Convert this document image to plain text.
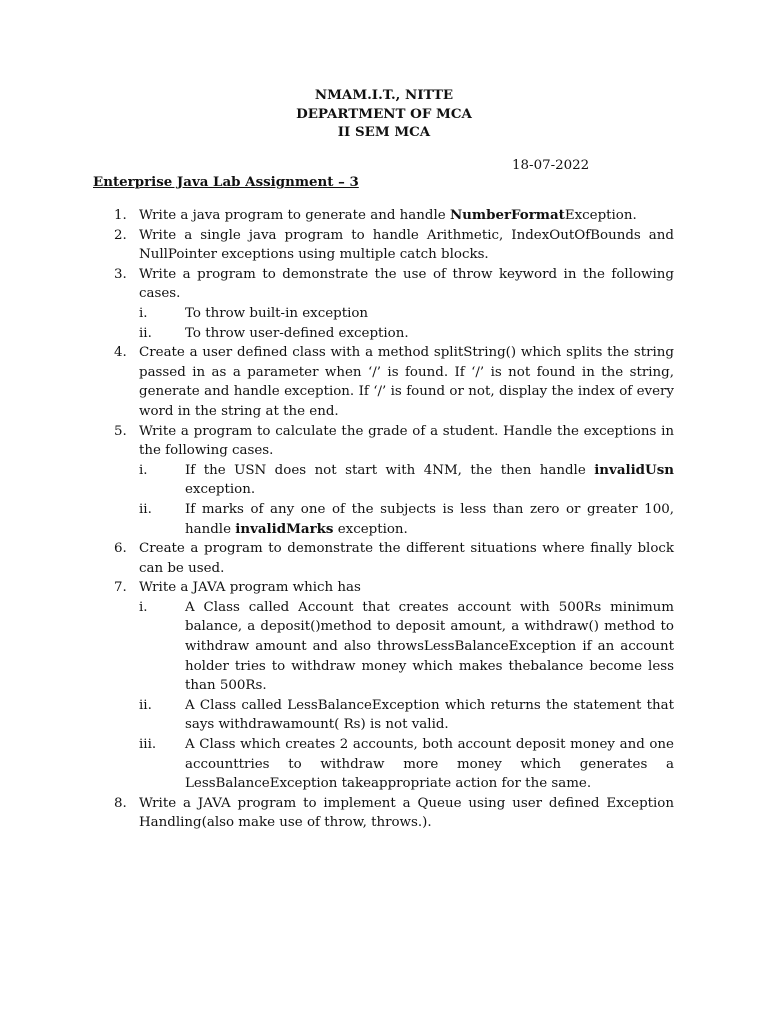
NMAM.I.T., NITTE
DEPARTMENT OF MCA
II SEM MCA
18-07-2022
Enterprise Java Lab Assignment – 3
1. Write a java program to generate and handle NumberFormatException.
2. Write a single java program to handle Arithmetic, IndexOutOfBounds and NullPointer exceptions using multiple catch blocks.
3. Write a program to demonstrate the use of throw keyword in the following cases.
i.	To throw built-in exception
ii. To throw user-defined exception.
4. Create a user defined class with a method splitString() which splits the string passed in as a parameter when ‘/’ is found. If ‘/’ is not found in the string, generate and handle exception. If ‘/’ is found or not, display the index of every word in the string at the end.
5. Write a program to calculate the grade of a student. Handle the exceptions in the following cases.
i.	If the USN does not start with 4NM, the then handle invalidUsn exception.
ii. If marks of any one of the subjects is less than zero or greater 100, handle invalidMarks exception.
6. Create a program to demonstrate the different situations where finally block can be used.
7. Write a JAVA program which has
i.	A Class called Account that creates account with 500Rs minimum balance, a deposit()method to deposit amount, a withdraw() method to withdraw amount and also throwsLessBalanceException if an account holder tries to withdraw money which makes thebalance become less than 500Rs.
ii. A Class called LessBalanceException which returns the statement that says withdrawamount( Rs) is not valid.
iii. A Class which creates 2 accounts, both account deposit money and one accounttries to withdraw more money which generates a LessBalanceException takeappropriate action for the same.
8. Write a JAVA program to implement a Queue using user defined Exception Handling(also make use of throw, throws.).
